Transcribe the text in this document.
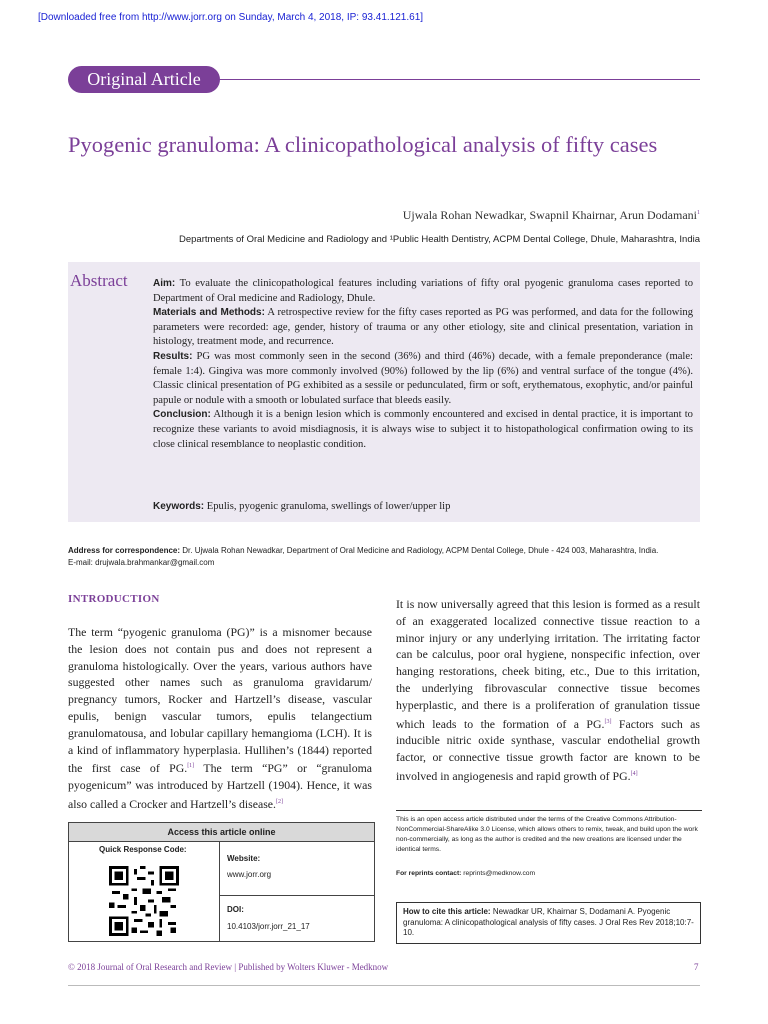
[Downloaded free from http://www.jorr.org on Sunday, March 4, 2018, IP: 93.41.121.61]
Original Article
Pyogenic granuloma: A clinicopathological analysis of fifty cases
Ujwala Rohan Newadkar, Swapnil Khairnar, Arun Dodamani$^1$
Departments of Oral Medicine and Radiology and ¹Public Health Dentistry, ACPM Dental College, Dhule, Maharashtra, India
Abstract	Aim: To evaluate the clinicopathological features including variations of fifty oral pyogenic granuloma cases reported to Department of Oral medicine and Radiology, Dhule.

Materials and Methods: A retrospective review for the fifty cases reported as PG was performed, and data for the following parameters were recorded: age, gender, history of trauma or any other etiology, site and clinical presentation, variation in histology, treatment mode, and recurrence.

Results: PG was most commonly seen in the second (36%) and third (46%) decade, with a female preponderance (male: female 1:4). Gingiva was more commonly involved (90%) followed by the lip (6%) and ventral surface of the tongue (4%). Classic clinical presentation of PG exhibited as a sessile or pedunculated, firm or soft, erythematous, exophytic, and/or painful papule or nodule with a smooth or lobulated surface that bleeds easily.

Conclusion: Although it is a benign lesion which is commonly encountered and excised in dental practice, it is important to recognize these variants to avoid misdiagnosis, it is always wise to subject it to histopathological confirmation owing to its close clinical resemblance to neoplastic condition.

Keywords: Epulis, pyogenic granuloma, swellings of lower/upper lip
Address for correspondence: Dr. Ujwala Rohan Newadkar, Department of Oral Medicine and Radiology, ACPM Dental College, Dhule - 424 003, Maharashtra, India.
E-mail: drujwala.brahmankar@gmail.com
INTRODUCTION
The term “pyogenic granuloma (PG)” is a misnomer because the lesion does not contain pus and does not represent a granuloma histologically. Over the years, various authors have suggested other names such as granuloma gravidarum/ pregnancy tumors, Rocker and Hartzell’s disease, vascular epulis, benign vascular tumors, epulis telangectium granulomatousa, and lobular capillary hemangioma (LCH). It is a kind of inflammatory hyperplasia. Hullihen’s (1844) reported the first case of PG.[1] The term “PG” or “granuloma pyogenicum” was introduced by Hartzell (1904). Hence, it was also called a Crocker and Hartzell’s disease.[2]
It is now universally agreed that this lesion is formed as a result of an exaggerated localized connective tissue reaction to a minor injury or any underlying irritation. The irritating factor can be calculus, poor oral hygiene, nonspecific infection, over hanging restorations, cheek biting, etc., Due to this irritation, the underlying fibrovascular connective tissue becomes hyperplastic, and there is a proliferation of granulation tissue which leads to the formation of a PG.[3] Factors such as inducible nitric oxide synthase, vascular endothelial growth factor, or connective tissue growth factor are known to be involved in angiogenesis and rapid growth of PG.[4]
Access this article online
Quick Response Code:
Website:
www.jorr.org
DOI:
10.4103/jorr.jorr_21_17
This is an open access article distributed under the terms of the Creative Commons Attribution-NonCommercial-ShareAlike 3.0 License, which allows others to remix, tweak, and build upon the work non-commercially, as long as the author is credited and the new creations are licensed under the identical terms.
For reprints contact: reprints@medknow.com
How to cite this article: Newadkar UR, Khairnar S, Dodamani A. Pyogenic granuloma: A clinicopathological analysis of fifty cases. J Oral Res Rev 2018;10:7-10.
© 2018 Journal of Oral Research and Review | Published by Wolters Kluwer - Medknow	7
